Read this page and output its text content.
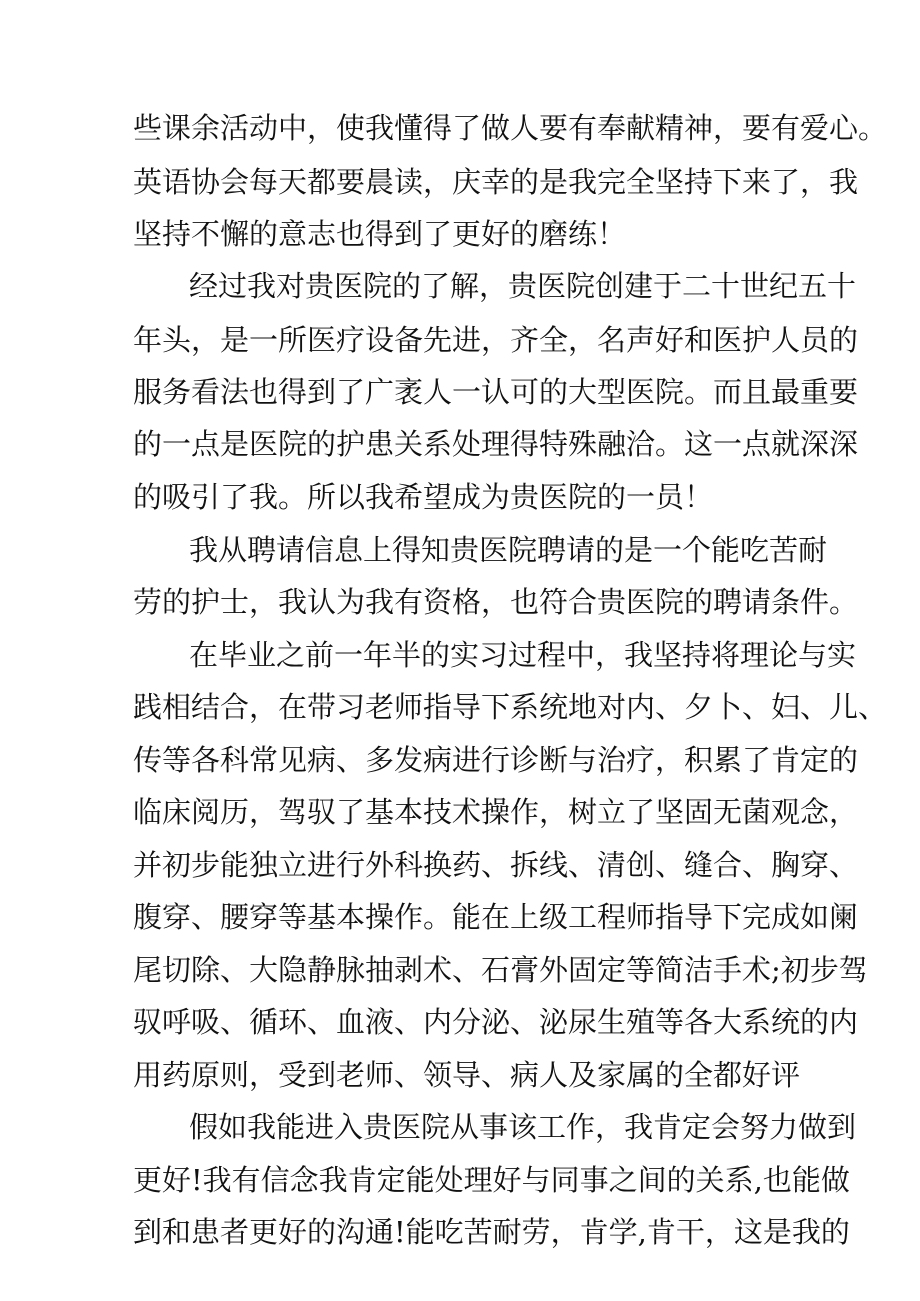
些课余活动中，使我懂得了做人要有奉献精神，要有爱心。
英语协会每天都要晨读，庆幸的是我完全坚持下来了，我
坚持不懈的意志也得到了更好的磨练！
经过我对贵医院的了解，贵医院创建于二十世纪五十
年头，是一所医疗设备先进，齐全，名声好和医护人员的
服务看法也得到了广袤人一认可的大型医院。而且最重要
的一点是医院的护患关系处理得特殊融洽。这一点就深深
的吸引了我。所以我希望成为贵医院的一员！
我从聘请信息上得知贵医院聘请的是一个能吃苦耐
劳的护士，我认为我有资格，也符合贵医院的聘请条件。
在毕业之前一年半的实习过程中，我坚持将理论与实
践相结合，在带习老师指导下系统地对内、夕卜、妇、儿、
传等各科常见病、多发病进行诊断与治疗，积累了肯定的
临床阅历，驾驭了基本技术操作，树立了坚固无菌观念，
并初步能独立进行外科换药、拆线、清创、缝合、胸穿、
腹穿、腰穿等基本操作。能在上级工程师指导下完成如阑
尾切除、大隐静脉抽剥术、石膏外固定等简洁手术;初步驾
驭呼吸、循环、血液、内分泌、泌尿生殖等各大系统的内
用药原则，受到老师、领导、病人及家属的全都好评
假如我能进入贵医院从事该工作，我肯定会努力做到
更好!我有信念我肯定能处理好与同事之间的关系,也能做
到和患者更好的沟通!能吃苦耐劳，肯学,肯干，这是我的
